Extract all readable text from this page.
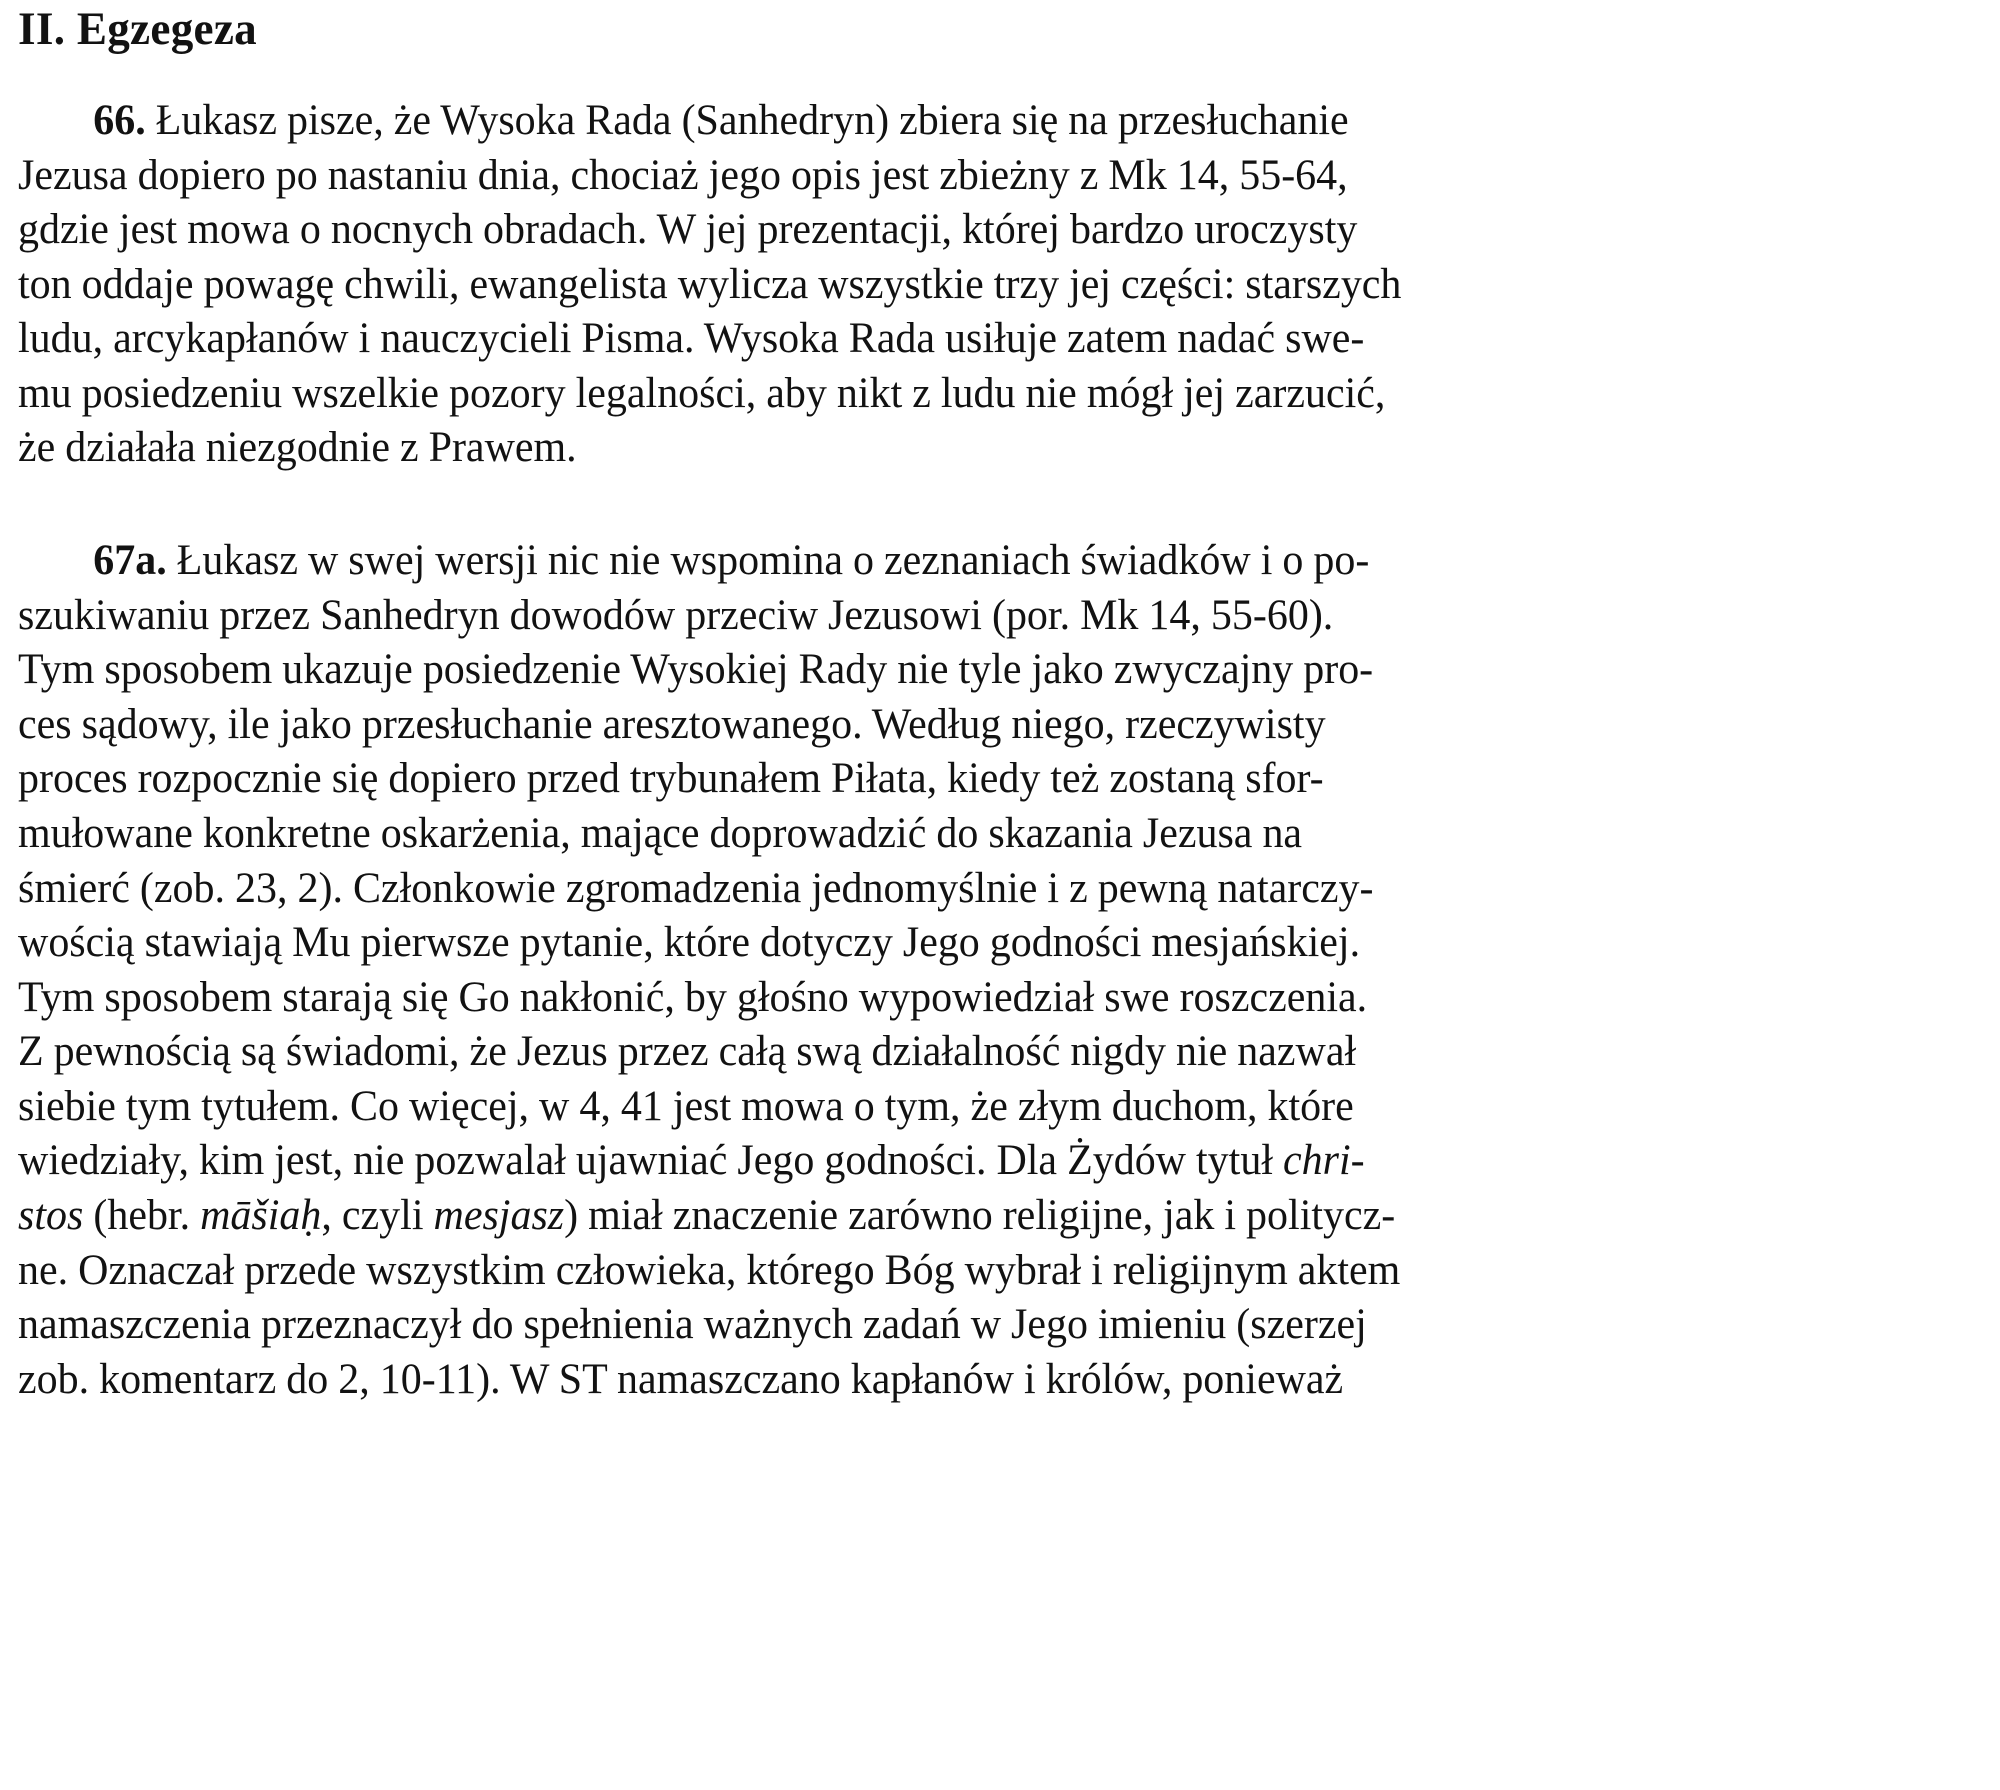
II. Egzegeza

66. Łukasz pisze, że Wysoka Rada (Sanhedryn) zbiera się na przesłuchanie
Jezusa dopiero po nastaniu dnia, chociaż jego opis jest zbieżny z Mk 14, 55-64,
gdzie jest mowa o nocnych obradach. W jej prezentacji, której bardzo uroczysty
ton oddaje powagę chwili, ewangelista wylicza wszystkie trzy jej części: starszych
ludu, arcykapłanów i nauczycieli Pisma. Wysoka Rada usiłuje zatem nadać swe-
mu posiedzeniu wszelkie pozory legalności, aby nikt z ludu nie mógł jej zarzucić,
że działała niezgodnie z Prawem.

67a. Łukasz w swej wersji nic nie wspomina o zeznaniach świadków i o po-
szukiwaniu przez Sanhedryn dowodów przeciw Jezusowi (por. Mk 14, 55-60).
Tym sposobem ukazuje posiedzenie Wysokiej Rady nie tyle jako zwyczajny pro-
ces sądowy, ile jako przesłuchanie aresztowanego. Według niego, rzeczywisty
proces rozpocznie się dopiero przed trybunałem Piłata, kiedy też zostaną sfor-
mułowane konkretne oskarżenia, mające doprowadzić do skazania Jezusa na
śmierć (zob. 23, 2). Członkowie zgromadzenia jednomyślnie i z pewną natarczy-
wością stawiają Mu pierwsze pytanie, które dotyczy Jego godności mesjańskiej.
Tym sposobem starają się Go nakłonić, by głośno wypowiedział swe roszczenia.
Z pewnością są świadomi, że Jezus przez całą swą działalność nigdy nie nazwał
siebie tym tytułem. Co więcej, w 4, 41 jest mowa o tym, że złym duchom, które
wiedziały, kim jest, nie pozwalał ujawniać Jego godności. Dla Żydów tytuł chri-
stos (hebr. māšiaḥ, czyli mesjasz) miał znaczenie zarówno religijne, jak i politycz-
ne. Oznaczał przede wszystkim człowieka, którego Bóg wybrał i religijnym aktem
namaszczenia przeznaczył do spełnienia ważnych zadań w Jego imieniu (szerzej
zob. komentarz do 2, 10-11). W ST namaszczano kapłanów i królów, ponieważ
